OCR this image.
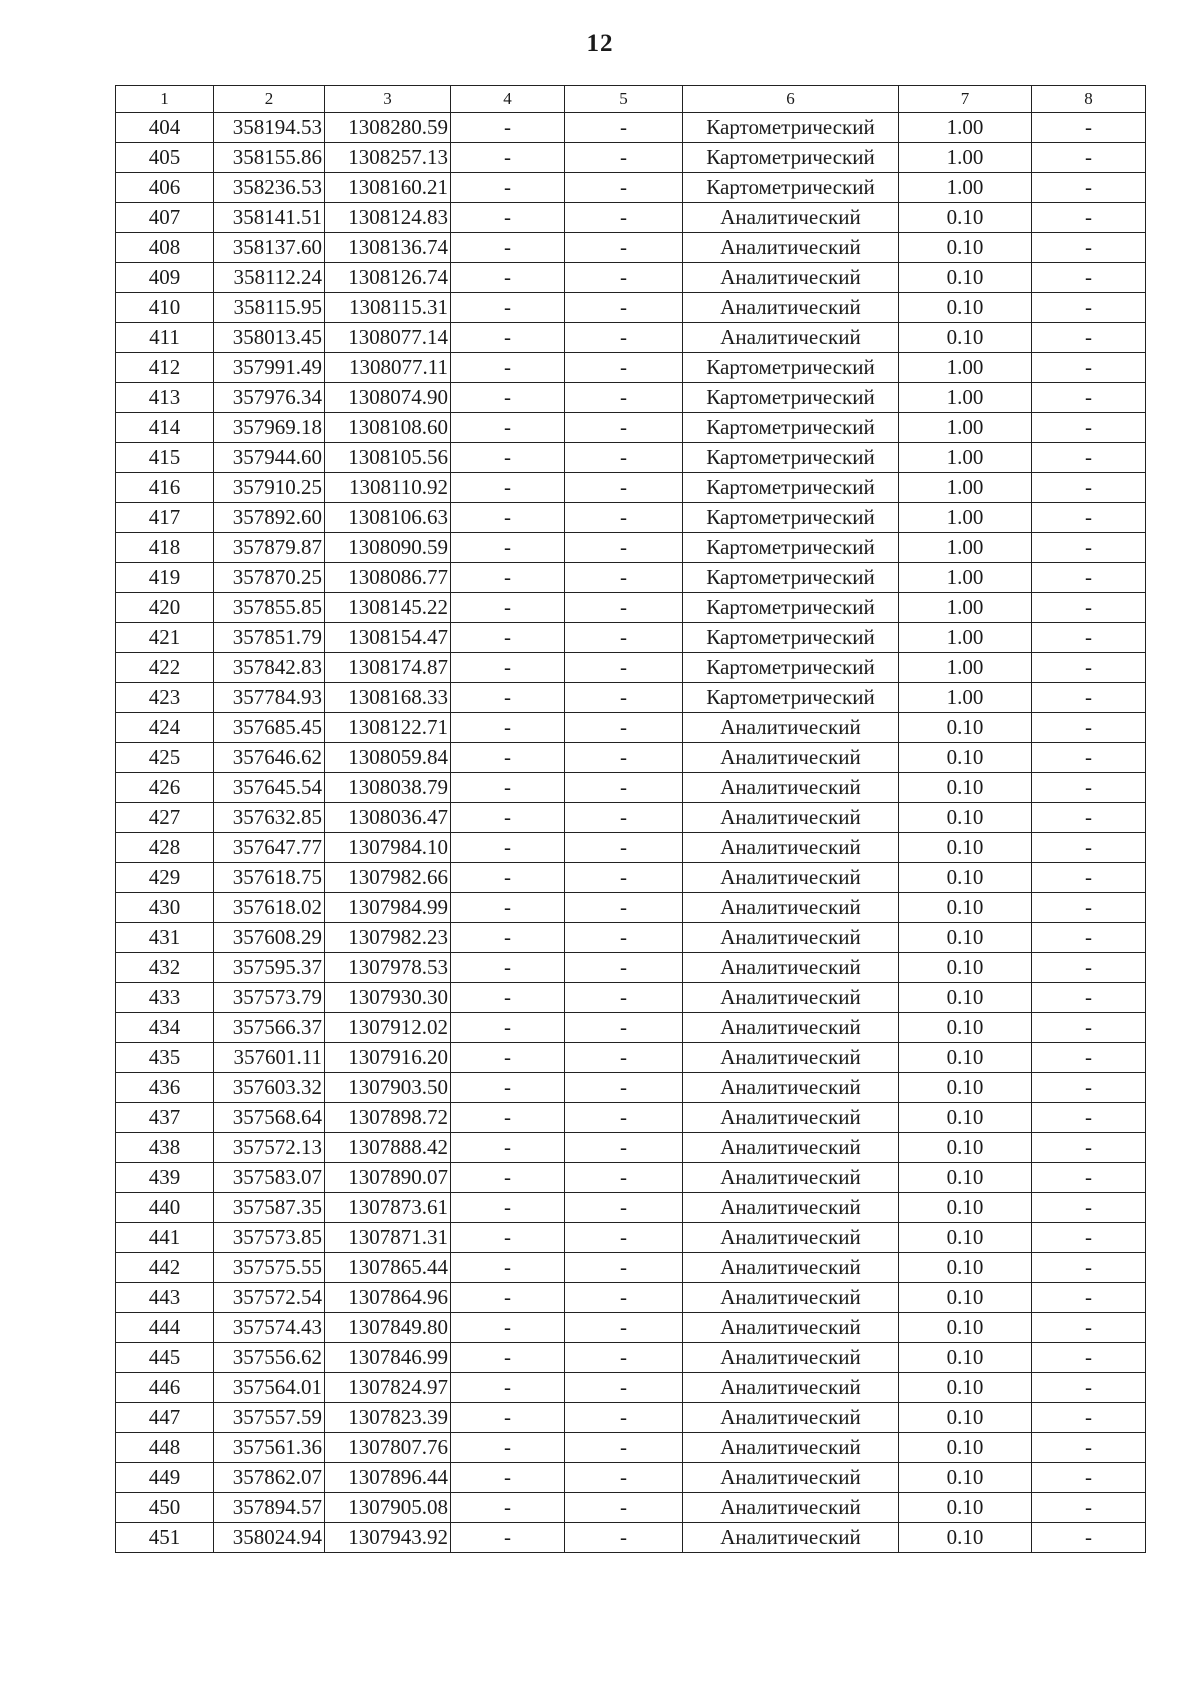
12
1	2	3	4	5	6	7	8
404	358194.53	1308280.59	-	-	Картометрический	1.00	-
405	358155.86	1308257.13	-	-	Картометрический	1.00	-
406	358236.53	1308160.21	-	-	Картометрический	1.00	-
407	358141.51	1308124.83	-	-	Аналитический	0.10	-
408	358137.60	1308136.74	-	-	Аналитический	0.10	-
409	358112.24	1308126.74	-	-	Аналитический	0.10	-
410	358115.95	1308115.31	-	-	Аналитический	0.10	-
411	358013.45	1308077.14	-	-	Аналитический	0.10	-
412	357991.49	1308077.11	-	-	Картометрический	1.00	-
413	357976.34	1308074.90	-	-	Картометрический	1.00	-
414	357969.18	1308108.60	-	-	Картометрический	1.00	-
415	357944.60	1308105.56	-	-	Картометрический	1.00	-
416	357910.25	1308110.92	-	-	Картометрический	1.00	-
417	357892.60	1308106.63	-	-	Картометрический	1.00	-
418	357879.87	1308090.59	-	-	Картометрический	1.00	-
419	357870.25	1308086.77	-	-	Картометрический	1.00	-
420	357855.85	1308145.22	-	-	Картометрический	1.00	-
421	357851.79	1308154.47	-	-	Картометрический	1.00	-
422	357842.83	1308174.87	-	-	Картометрический	1.00	-
423	357784.93	1308168.33	-	-	Картометрический	1.00	-
424	357685.45	1308122.71	-	-	Аналитический	0.10	-
425	357646.62	1308059.84	-	-	Аналитический	0.10	-
426	357645.54	1308038.79	-	-	Аналитический	0.10	-
427	357632.85	1308036.47	-	-	Аналитический	0.10	-
428	357647.77	1307984.10	-	-	Аналитический	0.10	-
429	357618.75	1307982.66	-	-	Аналитический	0.10	-
430	357618.02	1307984.99	-	-	Аналитический	0.10	-
431	357608.29	1307982.23	-	-	Аналитический	0.10	-
432	357595.37	1307978.53	-	-	Аналитический	0.10	-
433	357573.79	1307930.30	-	-	Аналитический	0.10	-
434	357566.37	1307912.02	-	-	Аналитический	0.10	-
435	357601.11	1307916.20	-	-	Аналитический	0.10	-
436	357603.32	1307903.50	-	-	Аналитический	0.10	-
437	357568.64	1307898.72	-	-	Аналитический	0.10	-
438	357572.13	1307888.42	-	-	Аналитический	0.10	-
439	357583.07	1307890.07	-	-	Аналитический	0.10	-
440	357587.35	1307873.61	-	-	Аналитический	0.10	-
441	357573.85	1307871.31	-	-	Аналитический	0.10	-
442	357575.55	1307865.44	-	-	Аналитический	0.10	-
443	357572.54	1307864.96	-	-	Аналитический	0.10	-
444	357574.43	1307849.80	-	-	Аналитический	0.10	-
445	357556.62	1307846.99	-	-	Аналитический	0.10	-
446	357564.01	1307824.97	-	-	Аналитический	0.10	-
447	357557.59	1307823.39	-	-	Аналитический	0.10	-
448	357561.36	1307807.76	-	-	Аналитический	0.10	-
449	357862.07	1307896.44	-	-	Аналитический	0.10	-
450	357894.57	1307905.08	-	-	Аналитический	0.10	-
451	358024.94	1307943.92	-	-	Аналитический	0.10	-
